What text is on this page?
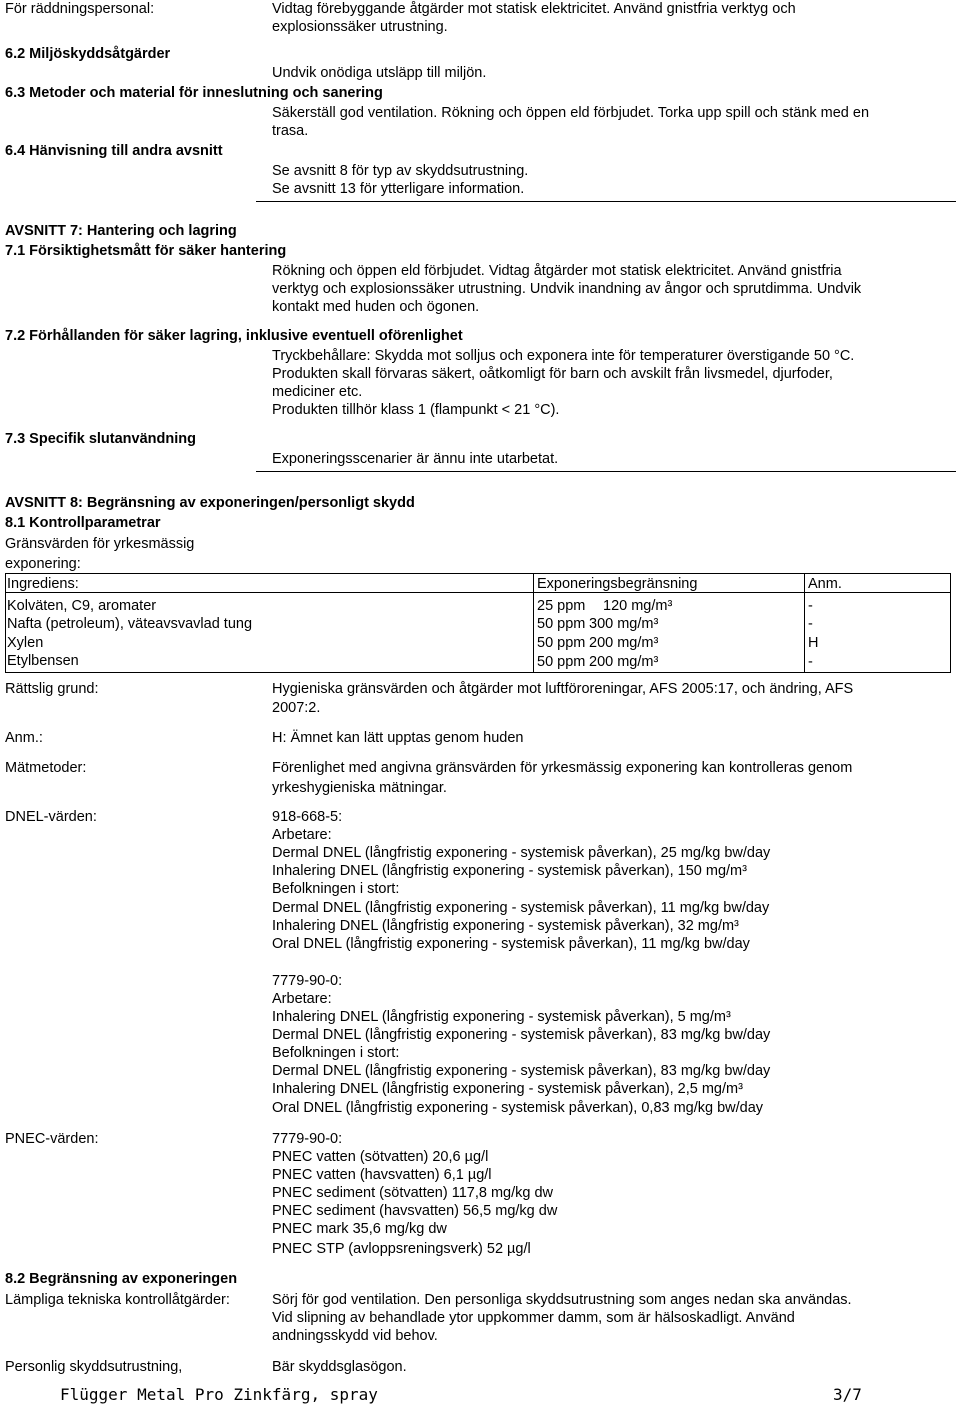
För räddningspersonal:	Vidtag förebyggande åtgärder mot statisk elektricitet. Använd gnistfria verktyg och
explosionssäker utrustning.
6.2 Miljöskyddsåtgärder
Undvik onödiga utsläpp till miljön.
6.3 Metoder och material för inneslutning och sanering
Säkerställ god ventilation. Rökning och öppen eld förbjudet. Torka upp spill och stänk med en
trasa.
6.4 Hänvisning till andra avsnitt
Se avsnitt 8 för typ av skyddsutrustning.
Se avsnitt 13 för ytterligare information.
AVSNITT 7: Hantering och lagring
7.1 Försiktighetsmått för säker hantering
Rökning och öppen eld förbjudet. Vidtag åtgärder mot statisk elektricitet. Använd gnistfria
verktyg och explosionssäker utrustning. Undvik inandning av ångor och sprutdimma. Undvik
kontakt med huden och ögonen.
7.2 Förhållanden för säker lagring, inklusive eventuell oförenlighet
Tryckbehållare: Skydda mot solljus och exponera inte för temperaturer överstigande 50 °C.
Produkten skall förvaras säkert, oåtkomligt för barn och avskilt från livsmedel, djurfoder,
mediciner etc.
Produkten tillhör klass 1 (flampunkt < 21 °C).
7.3 Specifik slutanvändning
Exponeringsscenarier är ännu inte utarbetat.
AVSNITT 8: Begränsning av exponeringen/personligt skydd
8.1 Kontrollparametrar
Gränsvärden för yrkesmässig
exponering:
Ingrediens:	Exponeringsbegränsning	Anm.
Kolväten, C9, aromater	25 ppm 120 mg/m³	-
Nafta (petroleum), väteavsvavlad tung	50 ppm 300 mg/m³	-
Xylen	50 ppm 200 mg/m³	H
Etylbensen	50 ppm 200 mg/m³	-
Rättslig grund:	Hygieniska gränsvärden och åtgärder mot luftföroreningar, AFS 2005:17, och ändring, AFS
2007:2.
Anm.:	H: Ämnet kan lätt upptas genom huden
Mätmetoder:	Förenlighet med angivna gränsvärden för yrkesmässig exponering kan kontrolleras genom
yrkeshygieniska mätningar.
DNEL-värden:	918-668-5:
Arbetare:
Dermal DNEL (långfristig exponering - systemisk påverkan), 25 mg/kg bw/day
Inhalering DNEL (långfristig exponering - systemisk påverkan), 150 mg/m³
Befolkningen i stort:
Dermal DNEL (långfristig exponering - systemisk påverkan), 11 mg/kg bw/day
Inhalering DNEL (långfristig exponering - systemisk påverkan), 32 mg/m³
Oral DNEL (långfristig exponering - systemisk påverkan), 11 mg/kg bw/day
7779-90-0:
Arbetare:
Inhalering DNEL (långfristig exponering - systemisk påverkan), 5 mg/m³
Dermal DNEL (långfristig exponering - systemisk påverkan), 83 mg/kg bw/day
Befolkningen i stort:
Dermal DNEL (långfristig exponering - systemisk påverkan), 83 mg/kg bw/day
Inhalering DNEL (långfristig exponering - systemisk påverkan), 2,5 mg/m³
Oral DNEL (långfristig exponering - systemisk påverkan), 0,83 mg/kg bw/day
PNEC-värden:	7779-90-0:
PNEC vatten (sötvatten) 20,6 µg/l
PNEC vatten (havsvatten) 6,1 µg/l
PNEC sediment (sötvatten) 117,8 mg/kg dw
PNEC sediment (havsvatten) 56,5 mg/kg dw
PNEC mark 35,6 mg/kg dw
PNEC STP (avloppsreningsverk) 52 µg/l
8.2 Begränsning av exponeringen
Lämpliga tekniska kontrollåtgärder:	Sörj för god ventilation. Den personliga skyddsutrustning som anges nedan ska användas.
Vid slipning av behandlade ytor uppkommer damm, som är hälsoskadligt. Använd
andningsskydd vid behov.
Personlig skyddsutrustning,	Bär skyddsglasögon.
Flügger Metal Pro Zinkfärg, spray	3/7
